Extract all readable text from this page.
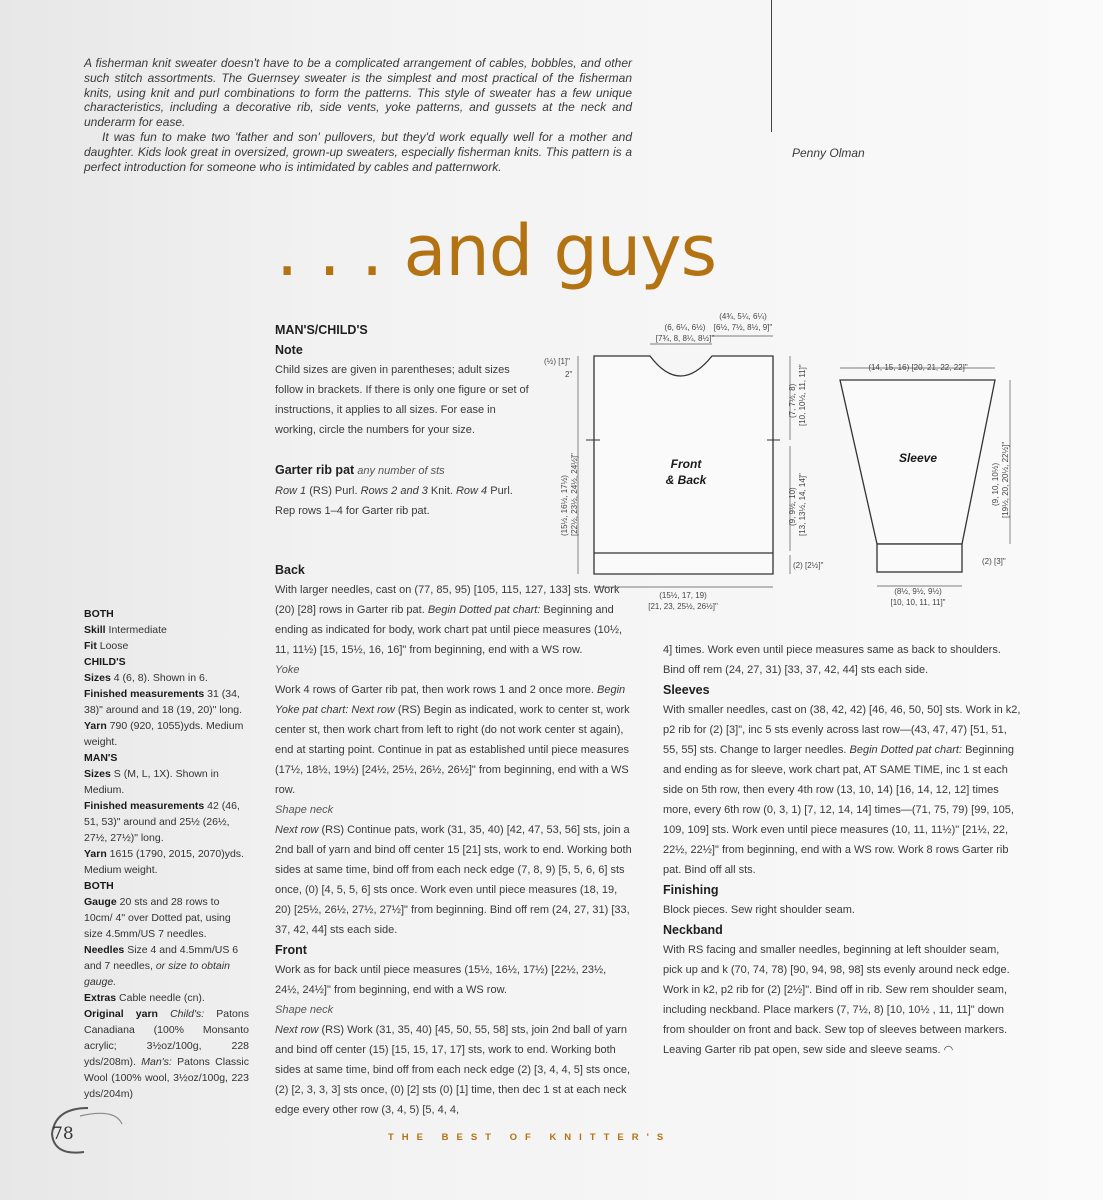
A fisherman knit sweater doesn't have to be a complicated arrangement of cables, bobbles, and other such stitch assortments. The Guernsey sweater is the simplest and most practical of the fisherman knits, using knit and purl combinations to form the patterns. This style of sweater has a few unique characteristics, including a decorative rib, side vents, yoke patterns, and gussets at the neck and underarm for ease.

It was fun to make two 'father and son' pullovers, but they'd work equally well for a mother and daughter. Kids look great in oversized, grown-up sweaters, especially fisherman knits. This pattern is a perfect introduction for someone who is intimidated by cables and patternwork.

Penny Olman
. . . and guys
MAN'S/CHILD'S
Note
Child sizes are given in parentheses; adult sizes follow in brackets. If there is only one figure or set of instructions, it applies to all sizes. For ease in working, circle the numbers for your size.
Garter rib pat any number of sts
Row 1 (RS) Purl. Rows 2 and 3 Knit. Row 4 Purl. Rep rows 1–4 for Garter rib pat.
Back
With larger needles, cast on (77, 85, 95) [105, 115, 127, 133] sts. Work (20) [28] rows in Garter rib pat. Begin Dotted pat chart: Beginning and ending as indicated for body, work chart pat until piece measures (10½, 11, 11½) [15, 15½, 16, 16]" from beginning, end with a WS row.
Yoke
Work 4 rows of Garter rib pat, then work rows 1 and 2 once more. Begin Yoke pat chart: Next row (RS) Begin as indicated, work to center st, work center st, then work chart from left to right (do not work center st again), end at starting point. Continue in pat as established until piece measures (17½, 18½, 19½) [24½, 25½, 26½, 26½]" from beginning, end with a WS row.
Shape neck
Next row (RS) Continue pats, work (31, 35, 40) [42, 47, 53, 56] sts, join a 2nd ball of yarn and bind off center 15 [21] sts, work to end. Working both sides at same time, bind off from each neck edge (7, 8, 9) [5, 5, 6, 6] sts once, (0) [4, 5, 5, 6] sts once. Work even until piece measures (18, 19, 20) [25½, 26½, 27½, 27½]" from beginning. Bind off rem (24, 27, 31) [33, 37, 42, 44] sts each side.
Front
Work as for back until piece measures (15½, 16½, 17½) [22½, 23½, 24½, 24½]" from beginning, end with a WS row.
Shape neck
Next row (RS) Work (31, 35, 40) [45, 50, 55, 58] sts, join 2nd ball of yarn and bind off center (15) [15, 15, 17, 17] sts, work to end. Working both sides at same time, bind off from each neck edge (2) [3, 4, 4, 5] sts once, (2) [2, 3, 3, 3] sts once, (0) [2] sts (0) [1] time, then dec 1 st at each neck edge every other row (3, 4, 5) [5, 4, 4,
4] times. Work even until piece measures same as back to shoulders. Bind off rem (24, 27, 31) [33, 37, 42, 44] sts each side.
Sleeves
With smaller needles, cast on (38, 42, 42) [46, 46, 50, 50] sts. Work in k2, p2 rib for (2) [3]", inc 5 sts evenly across last row—(43, 47, 47) [51, 51, 55, 55] sts. Change to larger needles. Begin Dotted pat chart: Beginning and ending as for sleeve, work chart pat, AT SAME TIME, inc 1 st each side on 5th row, then every 4th row (13, 10, 14) [16, 14, 12, 12] times more, every 6th row (0, 3, 1) [7, 12, 14, 14] times—(71, 75, 79) [99, 105, 109, 109] sts. Work even until piece measures (10, 11, 11½)" [21½, 22, 22½, 22½]" from beginning, end with a WS row. Work 8 rows Garter rib pat. Bind off all sts.
Finishing
Block pieces. Sew right shoulder seam.
Neckband
With RS facing and smaller needles, beginning at left shoulder seam, pick up and k (70, 74, 78) [90, 94, 98, 98] sts evenly around neck edge. Work in k2, p2 rib for (2) [2½]". Bind off in rib. Sew rem shoulder seam, including neckband. Place markers (7, 7½, 8) [10, 10½ , 11, 11]" down from shoulder on front and back. Sew top of sleeves between markers. Leaving Garter rib pat open, sew side and sleeve seams. ◠
BOTH
Skill Intermediate
Fit Loose
CHILD'S
Sizes 4 (6, 8). Shown in 6.
Finished measurements 31 (34, 38)" around and 18 (19, 20)" long.
Yarn 790 (920, 1055)yds. Medium weight.
MAN'S
Sizes S (M, L, 1X). Shown in Medium.
Finished measurements 42 (46, 51, 53)" around and 25½ (26½, 27½, 27½)" long.
Yarn 1615 (1790, 2015, 2070)yds. Medium weight.
BOTH
Gauge 20 sts and 28 rows to 10cm/ 4" over Dotted pat, using size 4.5mm/US 7 needles.
Needles Size 4 and 4.5mm/US 6 and 7 needles, or size to obtain gauge.
Extras Cable needle (cn).
Original yarn Child's: Patons Canadiana (100% Monsanto acrylic; 3½oz/100g, 228 yds/208m). Man's: Patons Classic Wool (100% wool, 3½oz/100g, 223 yds/204m)
Front
& Back
(6, 6¼, 6½)
[7¾, 8, 8¼, 8½]"
(4¾, 5¼, 6¼)
[6½, 7½, 8½, 9]"
(½) [1]"
2"
(15½, 16½, 17½) [22½, 23½, 24½, 24½]"
(7, 7½, 8) [10, 10½, 11, 11]"
(9, 9½, 10) [13, 13½, 14, 14]"
(2) [2½]"
(15½, 17, 19)
[21, 23, 25½, 26½]"
(14, 15, 16) [20, 21, 22, 22]"
Sleeve
(9, 10, 10½) [19½, 20, 20½, 22½]"
(2) [3]"
(8½, 9½, 9½)
[10, 10, 11, 11]"
78	THE BEST OF KNITTER'S
